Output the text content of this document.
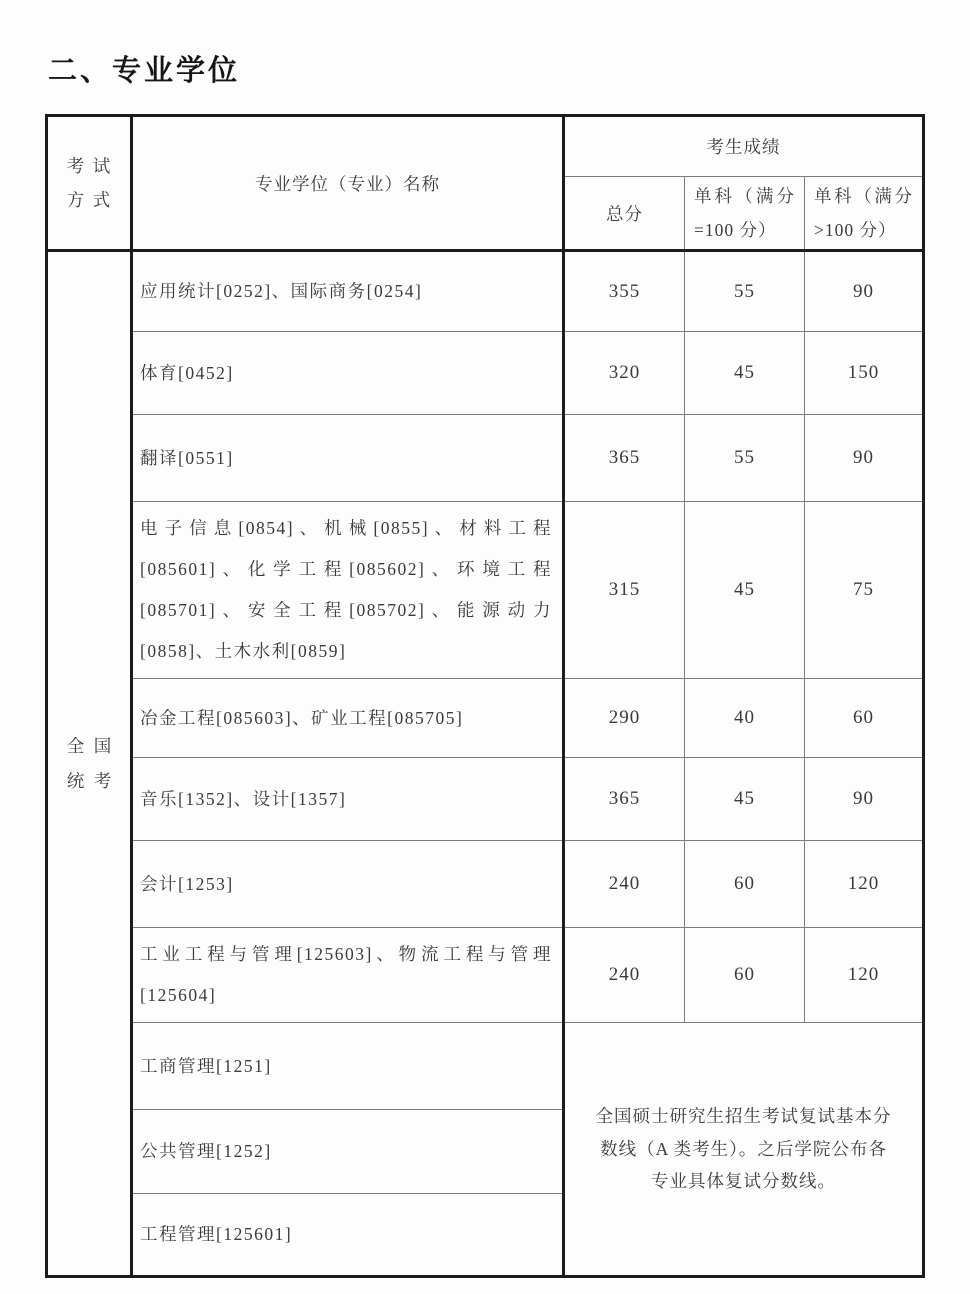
二、专业学位
考试方式	专业学位（专业）名称	考生成绩		
		总分	单科（满分=100 分）	单科（满分>100 分）
全国统考	应用统计[0252]、国际商务[0254]	355	55	90
	体育[0452]	320	45	150
	翻译[0551]	365	55	90
	电子信息[0854]、机械[0855]、材料工程[085601]、化学工程[085602]、环境工程[085701]、安全工程[085702]、能源动力[0858]、土木水利[0859]	315	45	75
	冶金工程[085603]、矿业工程[085705]	290	40	60
	音乐[1352]、设计[1357]	365	45	90
	会计[1253]	240	60	120
	工业工程与管理[125603]、物流工程与管理[125604]	240	60	120
	工商管理[1251]	全国硕士研究生招生考试复试基本分数线（A 类考生）。之后学院公布各专业具体复试分数线。		
	公共管理[1252]			
	工程管理[125601]			
